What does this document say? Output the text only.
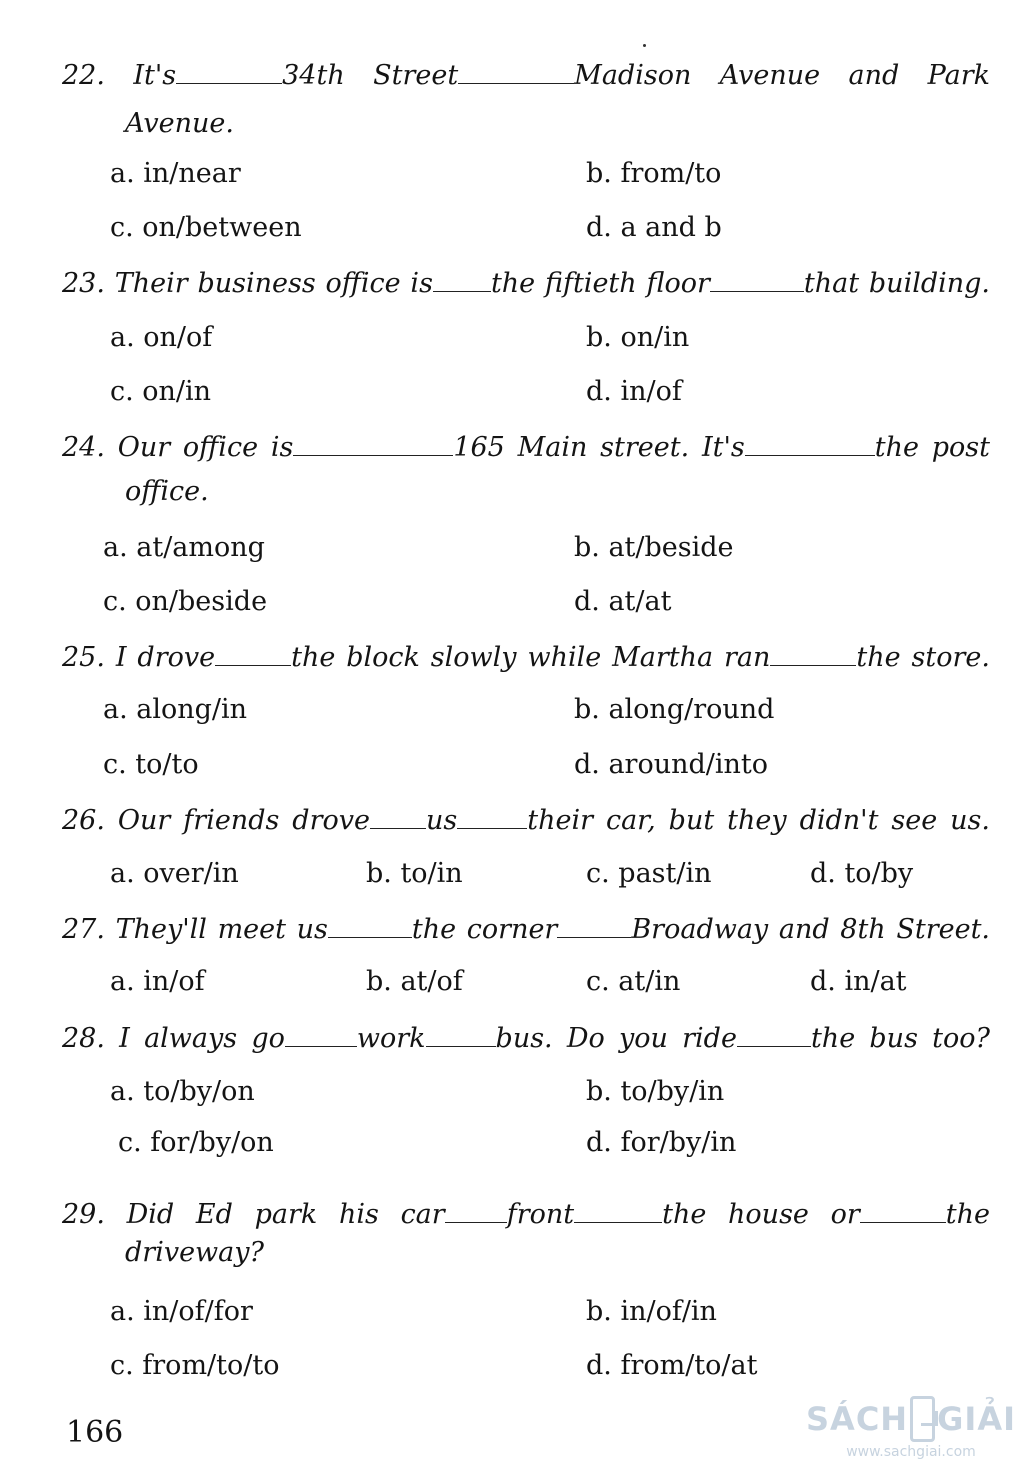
22. It's	34th Street	Madison Avenue and Park
Avenue.
a. in/near	b. from/to
c. on/between	d. a and b
23. Their business office is the fiftieth floor	that building.
a. on/of	b. on/in
c. on/in	d. in/of
24. Our office is	165 Main street. It's	the post
office.
a. at/among	b. at/beside
c. on/beside	d. at/at
25. I drove	the block slowly while Martha ran	the store.
a. along/in	b. along/round
c. to/to	d. around/into
26. Our friends drove us	their car, but they didn't see us.
a. over/in	b. to/in	c. past/in	d. to/by
27. They'll meet us	the corner	Broadway and 8th Street.
a. in/of	b. at/of	c. at/in	d. in/at
28. I always go	work	bus. Do you ride	the bus too?
a. to/by/on	b. to/by/in
c. for/by/on	d. for/by/in
29. Did Ed park his car front	the house or	the
driveway?
a. in/of/for	b. in/of/in
c. from/to/to	d. from/to/at
166	SÁCH GIẢI
www.sachgiai.com
